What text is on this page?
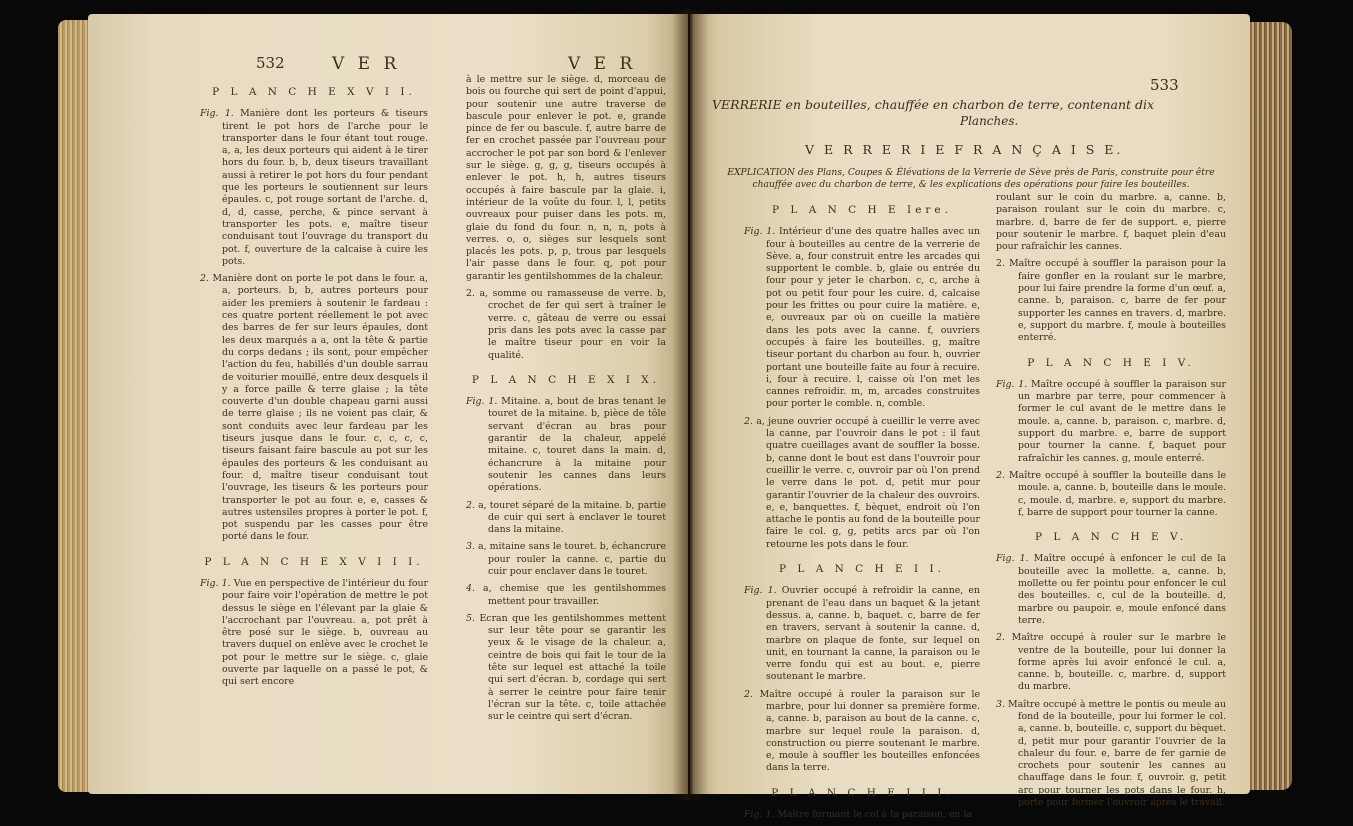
532	V E R	V E R
P L A N C H E X V I I.

Fig. 1. Manière dont les porteurs & tiseurs tirent le pot hors de l'arche pour le transporter dans le four étant tout rouge. a, a, les deux porteurs qui aident à le tirer hors du four. b, b, deux tiseurs travaillant aussi à retirer le pot hors du four pendant que les porteurs le soutiennent sur leurs épaules. c, pot rouge sortant de l'arche. d, d, d, casse, perche, & pince servant à transporter les pots. e, maître tiseur conduisant tout l'ouvrage du transport du pot. f, ouverture de la calcaise à cuire les pots.

2. Manière dont on porte le pot dans le four. a, a, porteurs. b, b, autres porteurs pour aider les premiers à soutenir le fardeau : ces quatre portent réellement le pot avec des barres de fer sur leurs épaules, dont les deux marqués a a, ont la tête & partie du corps dedans ; ils sont, pour empêcher l'action du feu, habillés d'un double sarrau de voiturier mouillé, entre deux desquels il y a force paille & terre glaise ; la tête couverte d'un double chapeau garni aussi de terre glaise ; ils ne voient pas clair, & sont conduits avec leur fardeau par les tiseurs jusque dans le four. c, c, c, c, tiseurs faisant faire bascule au pot sur les épaules des porteurs & les conduisant au four. d, maître tiseur conduisant tout l'ouvrage, les tiseurs & les porteurs pour transporter le pot au four. e, e, casses & autres ustensiles propres à porter le pot. f, pot suspendu par les casses pour être porté dans le four.

P L A N C H E X V I I I.

Fig. 1. Vue en perspective de l'intérieur du four pour faire voir l'opération de mettre le pot dessus le siège en l'élevant par la glaie & l'accrochant par l'ouvreau. a, pot prêt à être posé sur le siège. b, ouvreau au travers duquel on enlève avec le crochet le pot pour le mettre sur le siège. c, glaie ouverte par laquelle on a passé le pot, & qui sert encore

à le mettre sur le siège. d, morceau de bois ou fourche qui sert de point d'appui, pour soutenir une autre traverse de bascule pour enlever le pot. e, grande pince de fer ou bascule. f, autre barre de fer en crochet passée par l'ouvreau pour accrocher le pot par son bord & l'enlever sur le siège. g, g, g, tiseurs occupés à enlever le pot. h, h, autres tiseurs occupés à faire bascule par la glaie. i, intérieur de la voûte du four. l, l, petits ouvreaux pour puiser dans les pots. m, glaie du fond du four. n, n, n, pots à verres. o, o, sièges sur lesquels sont placés les pots. p, p, trous par lesquels l'air passe dans le four. q, pot pour garantir les gentilshommes de la chaleur.

2. a, somme ou ramasseuse de verre. b, crochet de fer qui sert à traîner le verre. c, gâteau de verre ou essai pris dans les pots avec la casse par le maître tiseur pour en voir la qualité.

P L A N C H E X I X.

Fig. 1. Mitaine. a, bout de bras tenant le touret de la mitaine. b, pièce de tôle servant d'écran au bras pour garantir de la chaleur, appelé mitaine. c, touret dans la main. d, échancrure à la mitaine pour soutenir les cannes dans leurs opérations.

2. a, touret séparé de la mitaine. b, partie de cuir qui sert à enclaver le touret dans la mitaine.

3. a, mitaine sans le touret. b, échancrure pour rouler la canne. c, partie du cuir pour enclaver dans le touret.

4. a, chemise que les gentilshommes mettent pour travailler.

5. Ecran que les gentilshommes mettent sur leur tête pour se garantir les yeux & le visage de la chaleur. a, ceintre de bois qui fait le tour de la tête sur lequel est attaché la toile qui sert d'écran. b, cordage qui sert à serrer le ceintre pour faire tenir l'écran sur la tête. c, toile attachée sur le ceintre qui sert d'écran.

533
VERRERIE en bouteilles, chauffée en charbon de terre, contenant dix
Planches.
V E R R E R I E F R A N Ç A I S E.
EXPLICATION des Plans, Coupes & Élévations de la Verrerie de Sève près de Paris, construite pour être chauffée avec du charbon de terre, & les explications des opérations pour faire les bouteilles.
P L A N C H E Iere.

Fig. 1. Intérieur d'une des quatre halles avec un four à bouteilles au centre de la verrerie de Sève. a, four construit entre les arcades qui supportent le comble. b, glaie ou entrée du four pour y jeter le charbon. c, c, arche à pot ou petit four pour les cuire. d, calcaise pour les frittes ou pour cuire la matière. e, e, ouvreaux par où on cueille la matière dans les pots avec la canne. f, ouvriers occupés à faire les bouteilles. g, maître tiseur portant du charbon au four. h, ouvrier portant une bouteille faite au four à recuire. i, four à recuire. l, caisse où l'on met les cannes refroidir. m, m, arcades construites pour porter le comble. n, comble.

2. a, jeune ouvrier occupé à cueillir le verre avec la canne, par l'ouvroir dans le pot : il faut quatre cueillages avant de souffler la bosse. b, canne dont le bout est dans l'ouvroir pour cueillir le verre. c, ouvroir par où l'on prend le verre dans le pot. d, petit mur pour garantir l'ouvrier de la chaleur des ouvroirs. e, e, banquettes. f, bèquet, endroit où l'on attache le pontis au fond de la bouteille pour faire le col. g, g, petits arcs par où l'on retourne les pots dans le four.

P L A N C H E I I.

Fig. 1. Ouvrier occupé à refroidir la canne, en prenant de l'eau dans un baquet & la jetant dessus. a, canne. b, baquet. c, barre de fer en travers, servant à soutenir la canne. d, marbre on plaque de fonte, sur lequel on unit, en tournant la canne, la paraison ou le verre fondu qui est au bout. e, pierre soutenant le marbre.

2. Maître occupé à rouler la paraison sur le marbre, pour lui donner sa première forme. a, canne. b, paraison au bout de la canne. c, marbre sur lequel roule la paraison. d, construction ou pierre soutenant le marbre. e, moule à souffler les bouteilles enfoncées dans la terre.

P L A N C H E I I I.

Fig. 1. Maître formant le col à la paraison, en la

roulant sur le coin du marbre. a, canne. b, paraison roulant sur le coin du marbre. c, marbre. d, barre de fer de support. e, pierre pour soutenir le marbre. f, baquet plein d'eau pour rafraîchir les cannes.

2. Maître occupé à souffler la paraison pour la faire gonfler en la roulant sur le marbre, pour lui faire prendre la forme d'un œuf. a, canne. b, paraison. c, barre de fer pour supporter les cannes en travers. d, marbre. e, support du marbre. f, moule à bouteilles enterré.

P L A N C H E I V.

Fig. 1. Maître occupé à souffler la paraison sur un marbre par terre, pour commencer à former le cul avant de le mettre dans le moule. a, canne. b, paraison. c, marbre. d, support du marbre. e, barre de support pour tourner la canne. f, baquet pour rafraîchir les cannes. g, moule enterré.

2. Maître occupé à souffler la bouteille dans le moule. a, canne. b, bouteille dans le moule. c, moule. d, marbre. e, support du marbre. f, barre de support pour tourner la canne.

P L A N C H E V.

Fig. 1. Maître occupé à enfoncer le cul de la bouteille avec la mollette. a, canne. b, mollette ou fer pointu pour enfoncer le cul des bouteilles. c, cul de la bouteille. d, marbre ou paupoir. e, moule enfoncé dans terre.

2. Maître occupé à rouler sur le marbre le ventre de la bouteille, pour lui donner la forme après lui avoir enfoncé le cul. a, canne. b, bouteille. c, marbre. d, support du marbre.

3. Maître occupé à mettre le pontis ou meule au fond de la bouteille, pour lui former le col. a, canne. b, bouteille. c, support du bèquet. d, petit mur pour garantir l'ouvrier de la chaleur du four. e, barre de fer garnie de crochets pour soutenir les cannes au chauffage dans le four. f, ouvroir. g, petit arc pour tourner les pots dans le four. h, porte pour fermer l'ouvroir après le travail.
